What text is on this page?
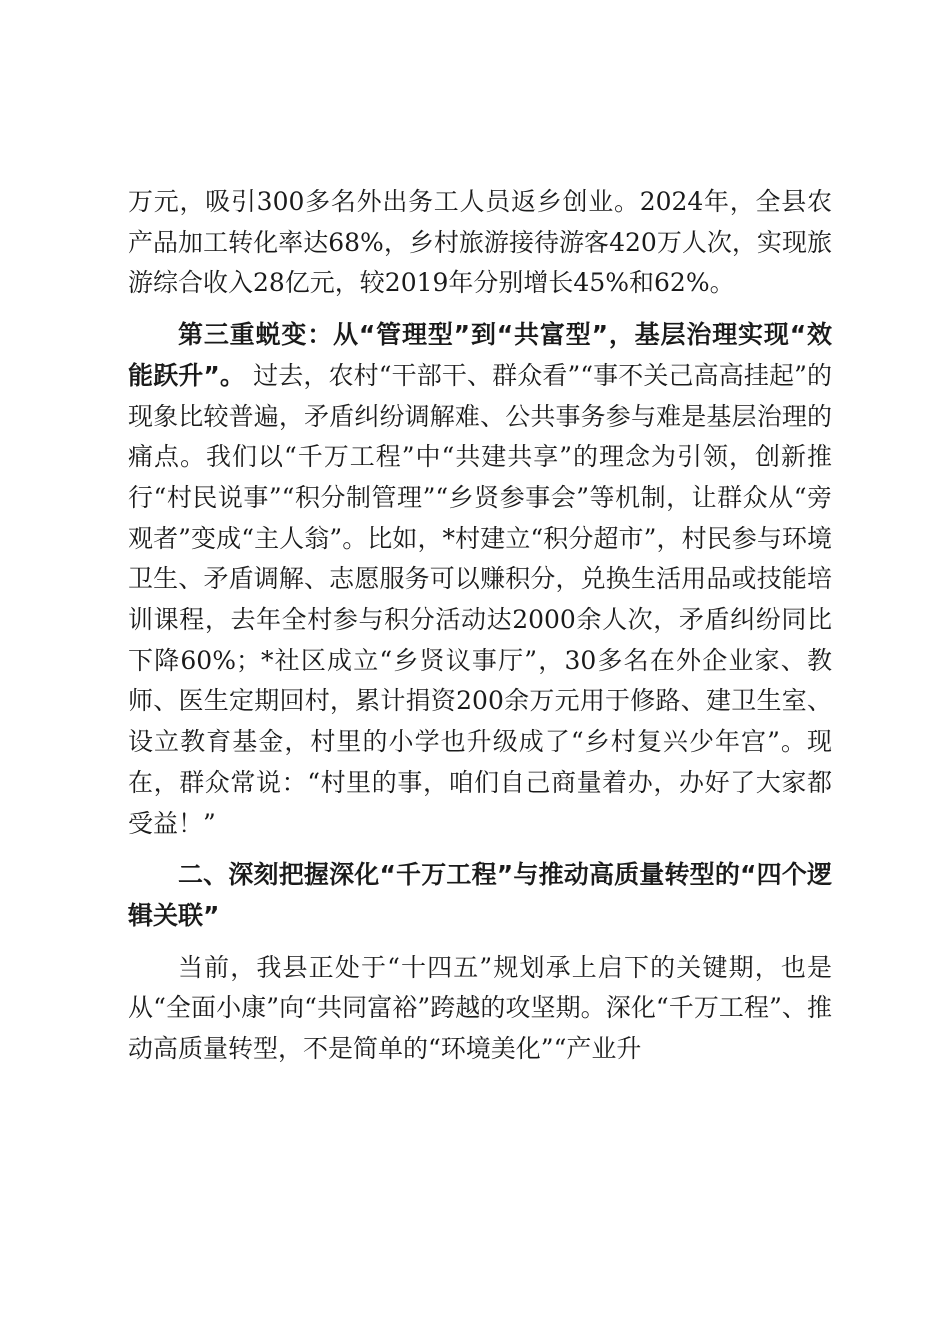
万元，吸引300多名外出务工人员返乡创业。2024年，全县农产品加工转化率达68%，乡村旅游接待游客420万人次，实现旅游综合收入28亿元，较2019年分别增长45%和62%。

第三重蜕变：从“管理型”到“共富型”，基层治理实现“效能跃升”。 过去，农村“干部干、群众看”“事不关己高高挂起”的现象比较普遍，矛盾纠纷调解难、公共事务参与难是基层治理的痛点。我们以“千万工程”中“共建共享”的理念为引领，创新推行“村民说事”“积分制管理”“乡贤参事会”等机制，让群众从“旁观者”变成“主人翁”。比如，*村建立“积分超市”，村民参与环境卫生、矛盾调解、志愿服务可以赚积分，兑换生活用品或技能培训课程，去年全村参与积分活动达2000余人次，矛盾纠纷同比下降60%；*社区成立“乡贤议事厅”，30多名在外企业家、教师、医生定期回村，累计捐资200余万元用于修路、建卫生室、设立教育基金，村里的小学也升级成了“乡村复兴少年宫”。现在，群众常说：“村里的事，咱们自己商量着办，办好了大家都受益！”

二、深刻把握深化“千万工程”与推动高质量转型的“四个逻辑关联”

当前，我县正处于“十四五”规划承上启下的关键期，也是从“全面小康”向“共同富裕”跨越的攻坚期。深化“千万工程”、推动高质量转型，不是简单的“环境美化”“产业升
